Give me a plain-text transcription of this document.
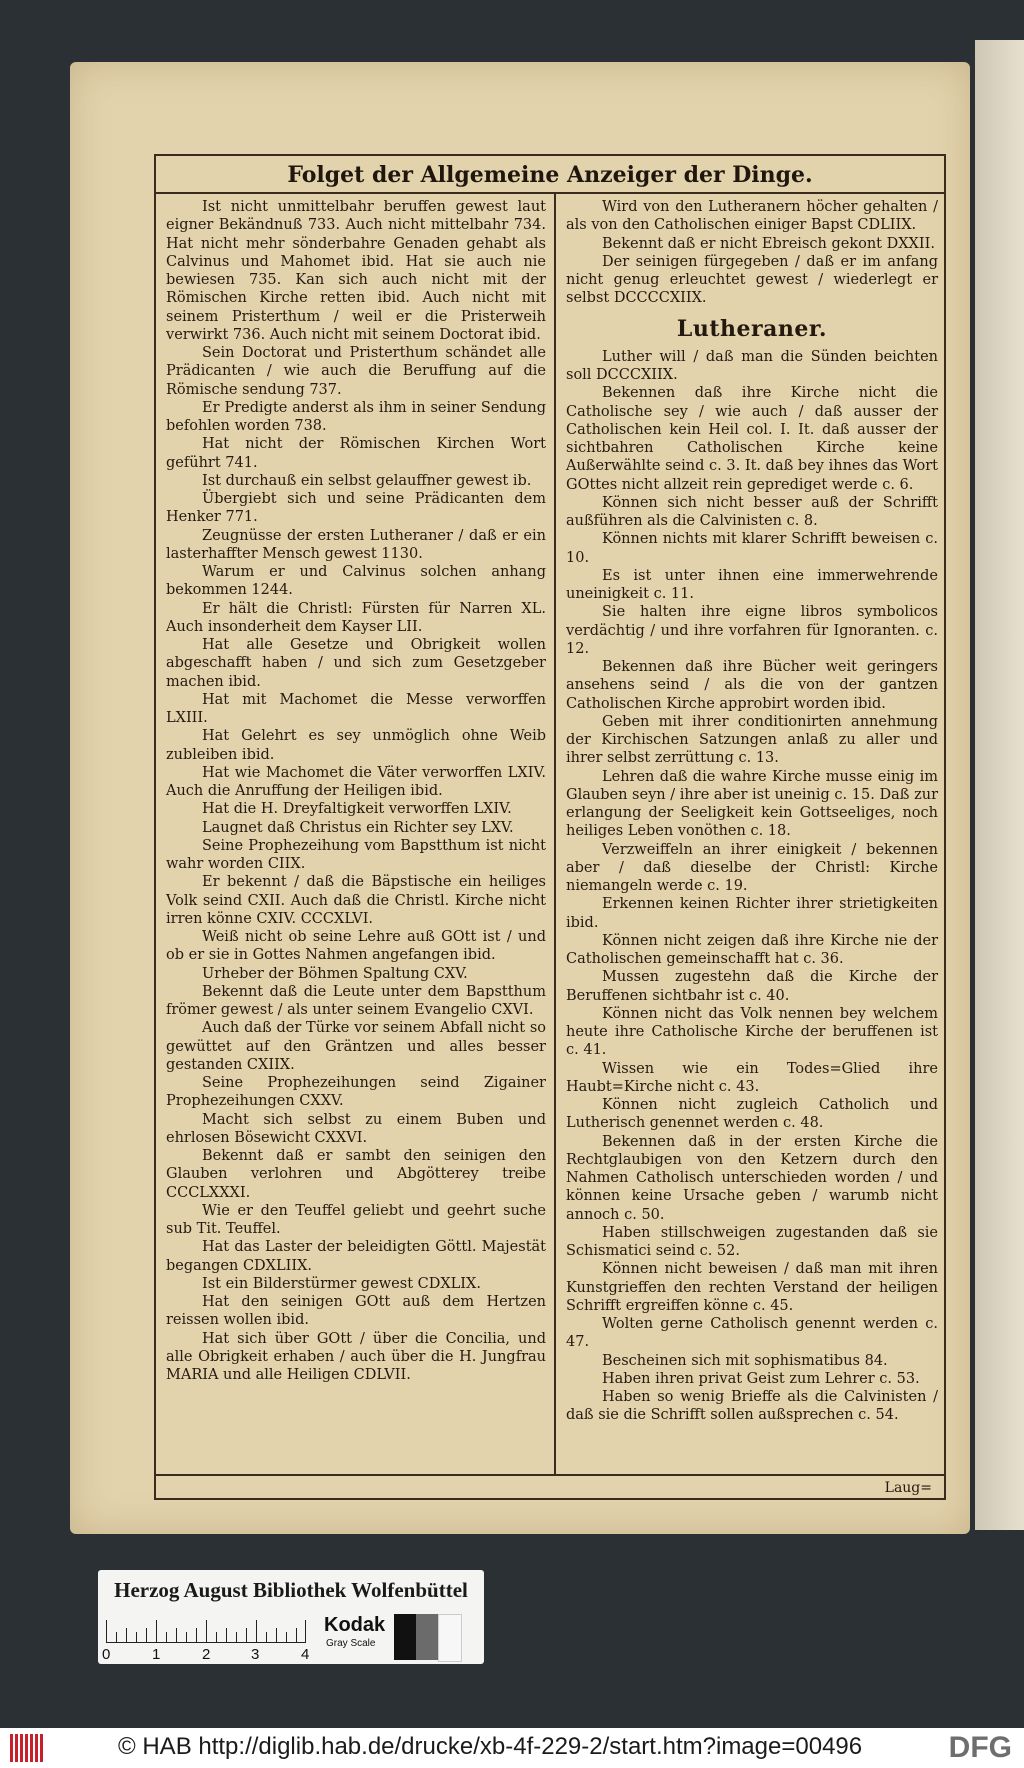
Folget der Allgemeine Anzeiger der Dinge.

Ist nicht unmittelbahr beruffen gewest laut eigner Bekändnuß 733. Auch nicht mittelbahr 734. Hat nicht mehr sönderbahre Genaden gehabt als Calvinus und Mahomet ibid. Hat sie auch nie bewiesen 735. Kan sich auch nicht mit der Römischen Kirche retten ibid. Auch nicht mit seinem Pristerthum / weil er die Pristerweih verwirkt 736. Auch nicht mit seinem Doctorat ibid.

Sein Doctorat und Pristerthum schändet alle Prädicanten / wie auch die Beruffung auf die Römische sendung 737.

Er Predigte anderst als ihm in seiner Sendung befohlen worden 738.

Hat nicht der Römischen Kirchen Wort geführt 741.

Ist durchauß ein selbst gelauffner gewest ib.

Übergiebt sich und seine Prädicanten dem Henker 771.

Zeugnüsse der ersten Lutheraner / daß er ein lasterhaffter Mensch gewest 1130.

Warum er und Calvinus solchen anhang bekommen 1244.

Er hält die Christl: Fürsten für Narren XL. Auch insonderheit dem Kayser LII.

Hat alle Gesetze und Obrigkeit wollen abgeschafft haben / und sich zum Gesetzgeber machen ibid.

Hat mit Machomet die Messe verworffen LXIII.

Hat Gelehrt es sey unmöglich ohne Weib zubleiben ibid.

Hat wie Machomet die Väter verworffen LXIV. Auch die Anruffung der Heiligen ibid.

Hat die H. Dreyfaltigkeit verworffen LXIV.

Laugnet daß Christus ein Richter sey LXV.

Seine Prophezeihung vom Bapstthum ist nicht wahr worden CIIX.

Er bekennt / daß die Bäpstische ein heiliges Volk seind CXII. Auch daß die Christl. Kirche nicht irren könne CXIV. CCCXLVI.

Weiß nicht ob seine Lehre auß GOtt ist / und ob er sie in Gottes Nahmen angefangen ibid.

Urheber der Böhmen Spaltung CXV.

Bekennt daß die Leute unter dem Bapstthum frömer gewest / als unter seinem Evangelio CXVI.

Auch daß der Türke vor seinem Abfall nicht so gewüttet auf den Gräntzen und alles besser gestanden CXIIX.

Seine Prophezeihungen seind Zigainer Prophezeihungen CXXV.

Macht sich selbst zu einem Buben und ehrlosen Bösewicht CXXVI.

Bekennt daß er sambt den seinigen den Glauben verlohren und Abgötterey treibe CCCLXXXI.

Wie er den Teuffel geliebt und geehrt suche sub Tit. Teuffel.

Hat das Laster der beleidigten Göttl. Majestät begangen CDXLIIX.

Ist ein Bilderstürmer gewest CDXLIX.

Hat den seinigen GOtt auß dem Hertzen reissen wollen ibid.

Hat sich über GOtt / über die Concilia, und alle Obrigkeit erhaben / auch über die H. Jungfrau MARIA und alle Heiligen CDLVII.

Wird von den Lutheranern höcher gehalten / als von den Catholischen einiger Bapst CDLIIX.

Bekennt daß er nicht Ebreisch gekont DXXII.

Der seinigen fürgegeben / daß er im anfang nicht genug erleuchtet gewest / wiederlegt er selbst DCCCCXIIX.

Lutheraner.

Luther will / daß man die Sünden beichten soll DCCCXIIX.

Bekennen daß ihre Kirche nicht die Catholische sey / wie auch / daß ausser der Catholischen kein Heil col. I. It. daß ausser der sichtbahren Catholischen Kirche keine Außerwählte seind c. 3. It. daß bey ihnes das Wort GOttes nicht allzeit rein geprediget werde c. 6.

Können sich nicht besser auß der Schrifft außführen als die Calvinisten c. 8.

Können nichts mit klarer Schrifft beweisen c. 10.

Es ist unter ihnen eine immerwehrende uneinigkeit c. 11.

Sie halten ihre eigne libros symbolicos verdächtig / und ihre vorfahren für Ignoranten. c. 12.

Bekennen daß ihre Bücher weit geringers ansehens seind / als die von der gantzen Catholischen Kirche approbirt worden ibid.

Geben mit ihrer conditionirten annehmung der Kirchischen Satzungen anlaß zu aller und ihrer selbst zerrüttung c. 13.

Lehren daß die wahre Kirche musse einig im Glauben seyn / ihre aber ist uneinig c. 15. Daß zur erlangung der Seeligkeit kein Gottseeliges, noch heiliges Leben vonöthen c. 18.

Verzweiffeln an ihrer einigkeit / bekennen aber / daß dieselbe der Christl: Kirche niemangeln werde c. 19.

Erkennen keinen Richter ihrer strietigkeiten ibid.

Können nicht zeigen daß ihre Kirche nie der Catholischen gemeinschafft hat c. 36.

Mussen zugestehn daß die Kirche der Beruffenen sichtbahr ist c. 40.

Können nicht das Volk nennen bey welchem heute ihre Catholische Kirche der beruffenen ist c. 41.

Wissen wie ein Todes=Glied ihre Haubt=Kirche nicht c. 43.

Können nicht zugleich Catholich und Lutherisch genennet werden c. 48.

Bekennen daß in der ersten Kirche die Rechtglaubigen von den Ketzern durch den Nahmen Catholisch unterschieden worden / und können keine Ursache geben / warumb nicht annoch c. 50.

Haben stillschweigen zugestanden daß sie Schismatici seind c. 52.

Können nicht beweisen / daß man mit ihren Kunstgrieffen den rechten Verstand der heiligen Schrifft ergreiffen könne c. 45.

Wolten gerne Catholisch genennt werden c. 47.

Bescheinen sich mit sophismatibus 84.

Haben ihren privat Geist zum Lehrer c. 53.

Haben so wenig Brieffe als die Calvinisten / daß sie die Schrifft sollen außsprechen c. 54.

Laug=
Herzog August Bibliothek Wolfenbüttel
0	1	2	3	4
Kodak
Gray Scale
© HAB http://diglib.hab.de/drucke/xb-4f-229-2/start.htm?image=00496	DFG
